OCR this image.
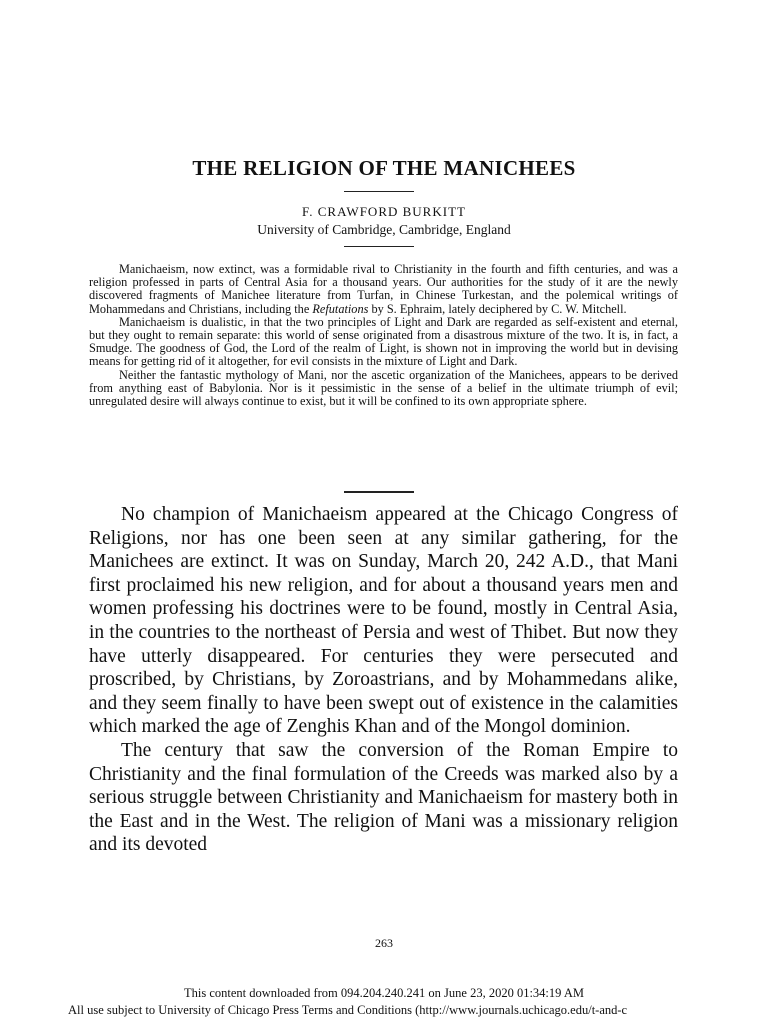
THE RELIGION OF THE MANICHEES
F. CRAWFORD BURKITT
University of Cambridge, Cambridge, England

Manichaeism, now extinct, was a formidable rival to Christianity in the fourth and fifth centuries, and was a religion professed in parts of Central Asia for a thousand years. Our authorities for the study of it are the newly discovered fragments of Manichee literature from Turfan, in Chinese Turkestan, and the polemical writings of Mohammedans and Christians, including the Refutations by S. Ephraim, lately deciphered by C. W. Mitchell.

Manichaeism is dualistic, in that the two principles of Light and Dark are regarded as self-existent and eternal, but they ought to remain separate: this world of sense originated from a disastrous mixture of the two. It is, in fact, a Smudge. The goodness of God, the Lord of the realm of Light, is shown not in improving the world but in devising means for getting rid of it altogether, for evil consists in the mixture of Light and Dark.

Neither the fantastic mythology of Mani, nor the ascetic organization of the Manichees, appears to be derived from anything east of Babylonia. Nor is it pessimistic in the sense of a belief in the ultimate triumph of evil; unregulated desire will always continue to exist, but it will be confined to its own appropriate sphere.

No champion of Manichaeism appeared at the Chicago Congress of Religions, nor has one been seen at any similar gathering, for the Manichees are extinct. It was on Sunday, March 20, 242 A.D., that Mani first proclaimed his new religion, and for about a thousand years men and women professing his doctrines were to be found, mostly in Central Asia, in the countries to the northeast of Persia and west of Thibet. But now they have utterly disappeared. For centuries they were persecuted and proscribed, by Christians, by Zoroastrians, and by Mohammedans alike, and they seem finally to have been swept out of existence in the calamities which marked the age of Zenghis Khan and of the Mongol dominion.

The century that saw the conversion of the Roman Empire to Christianity and the final formulation of the Creeds was marked also by a serious struggle between Christianity and Manichaeism for mastery both in the East and in the West. The religion of Mani was a missionary religion and its devoted

263
This content downloaded from 094.204.240.241 on June 23, 2020 01:34:19 AM
All use subject to University of Chicago Press Terms and Conditions (http://www.journals.uchicago.edu/t-and-c
